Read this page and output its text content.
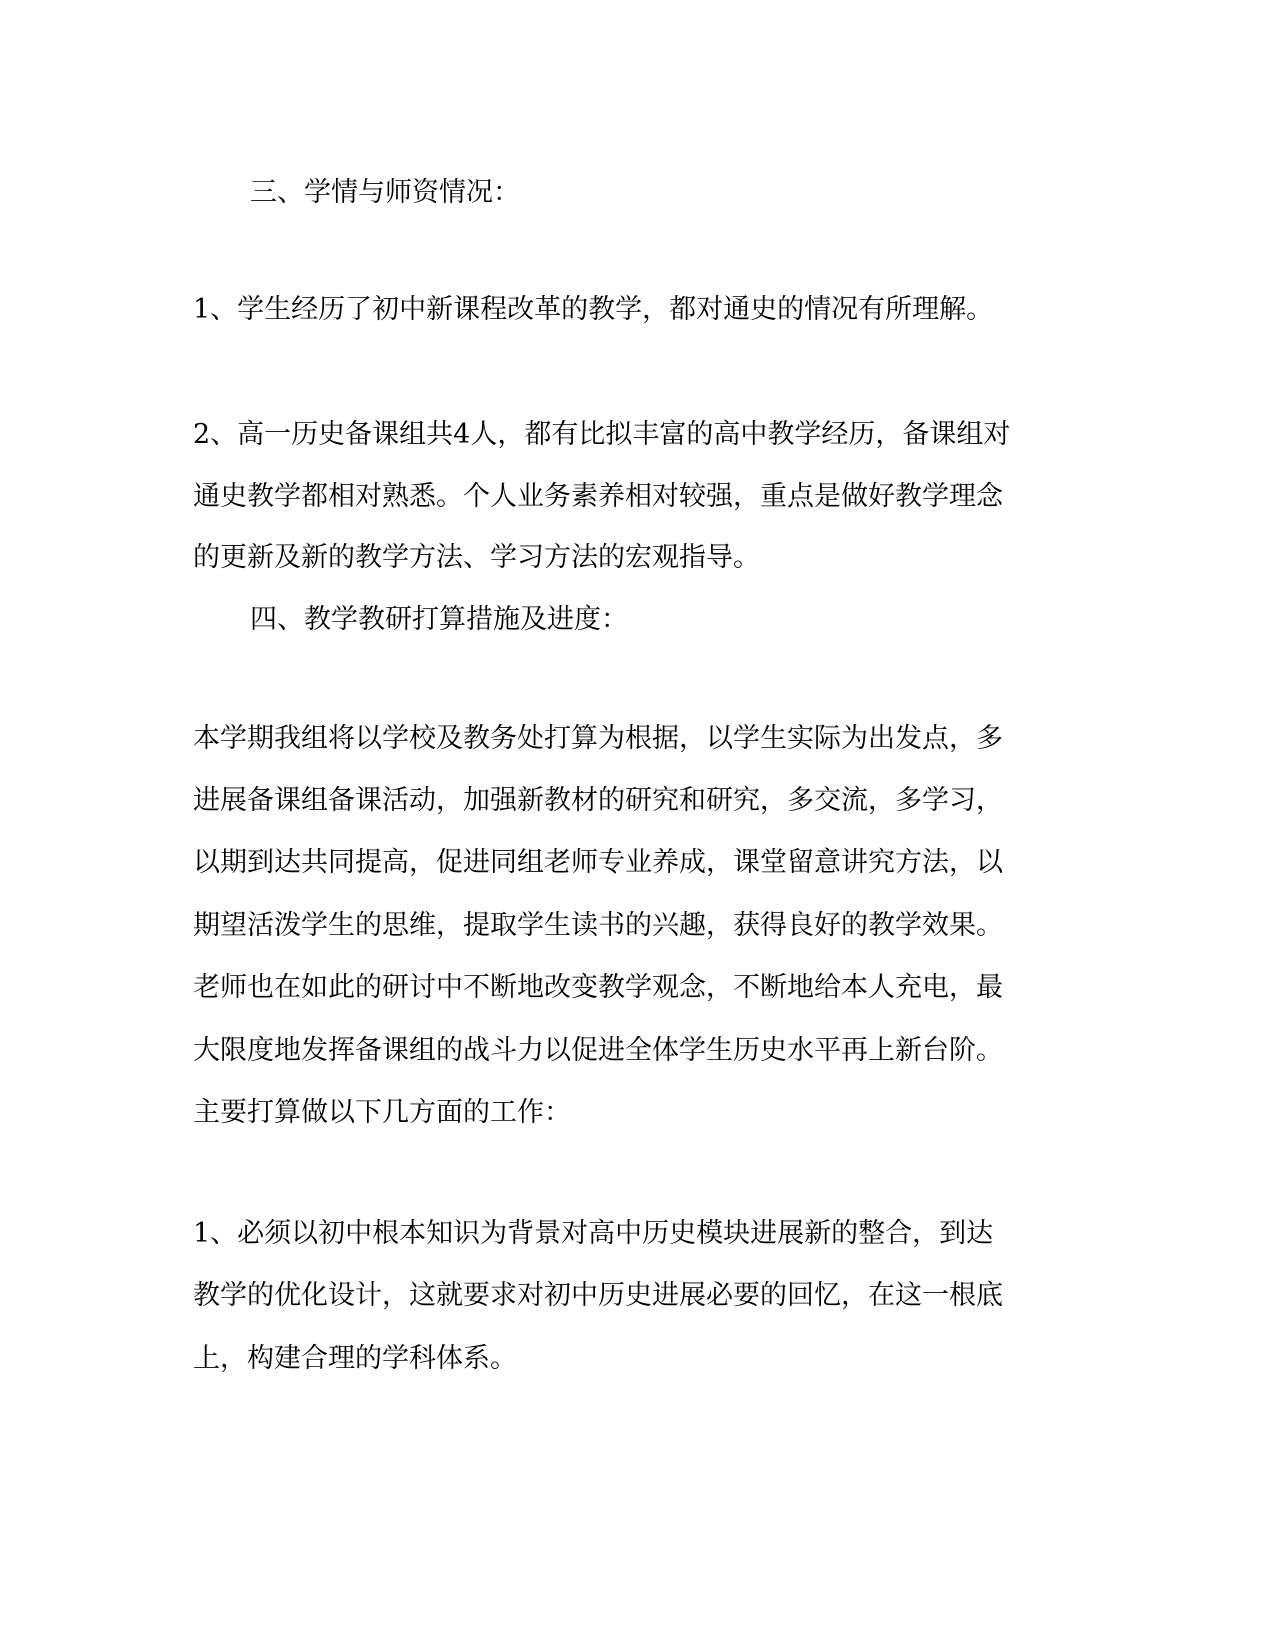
三、学情与师资情况：
1、学生经历了初中新课程改革的教学，都对通史的情况有所理解。
2、高一历史备课组共4人，都有比拟丰富的高中教学经历，备课组对
通史教学都相对熟悉。个人业务素养相对较强，重点是做好教学理念
的更新及新的教学方法、学习方法的宏观指导。
四、教学教研打算措施及进度：
本学期我组将以学校及教务处打算为根据，以学生实际为出发点，多
进展备课组备课活动，加强新教材的研究和研究，多交流，多学习，
以期到达共同提高，促进同组老师专业养成，课堂留意讲究方法，以
期望活泼学生的思维，提取学生读书的兴趣，获得良好的教学效果。
老师也在如此的研讨中不断地改变教学观念，不断地给本人充电，最
大限度地发挥备课组的战斗力以促进全体学生历史水平再上新台阶。
主要打算做以下几方面的工作：
1、必须以初中根本知识为背景对高中历史模块进展新的整合，到达
教学的优化设计，这就要求对初中历史进展必要的回忆，在这一根底
上，构建合理的学科体系。
